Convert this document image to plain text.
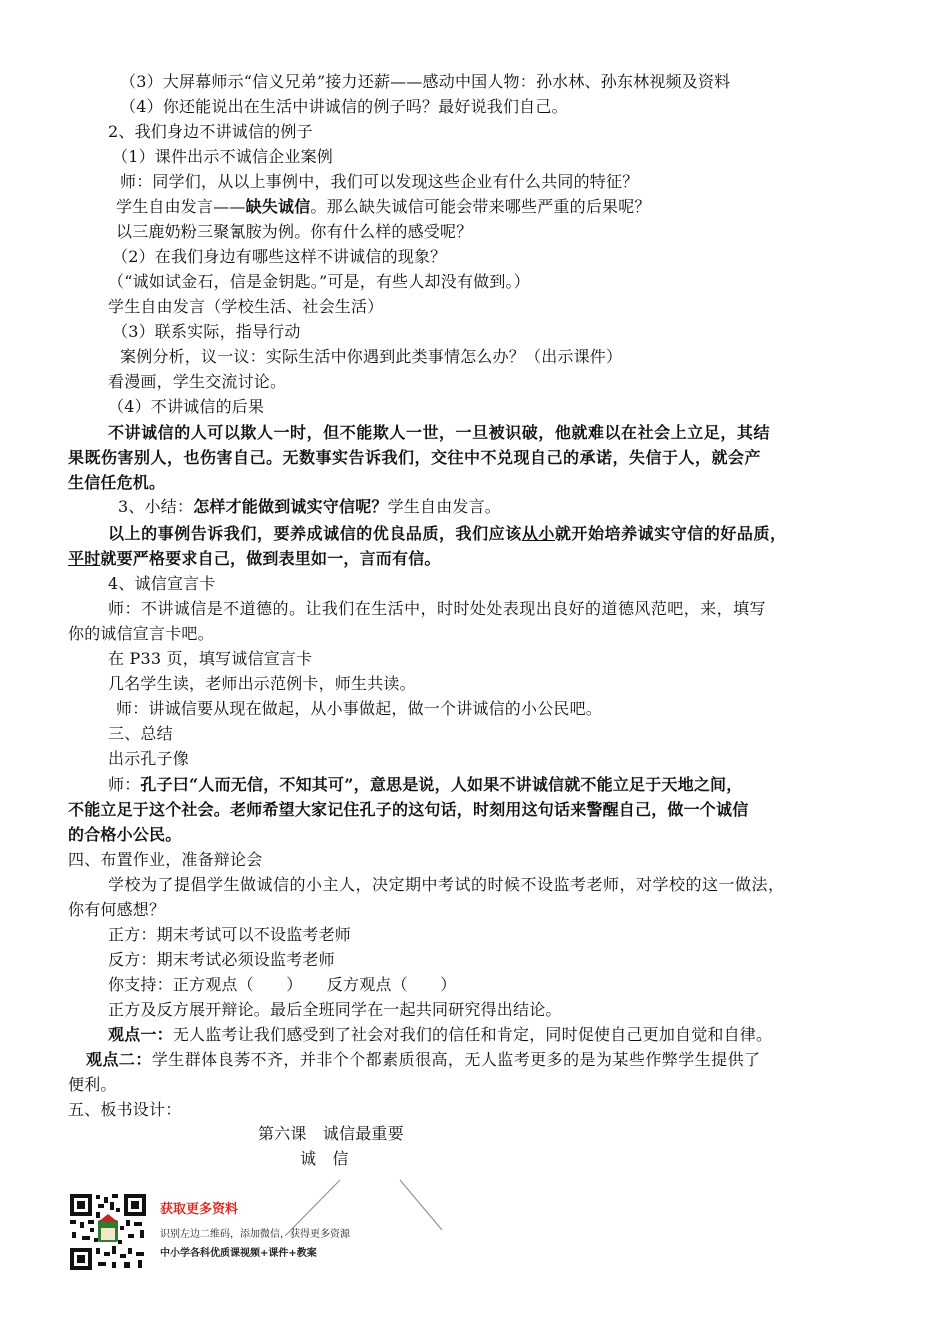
（3）大屏幕师示“信义兄弟”接力还薪——感动中国人物：孙水林、孙东林视频及资料
（4）你还能说出在生活中讲诚信的例子吗？最好说我们自己。
2、我们身边不讲诚信的例子
（1）课件出示不诚信企业案例
师：同学们，从以上事例中，我们可以发现这些企业有什么共同的特征？
学生自由发言——缺失诚信。那么缺失诚信可能会带来哪些严重的后果呢？
以三鹿奶粉三聚氰胺为例。你有什么样的感受呢？
（2）在我们身边有哪些这样不讲诚信的现象？
（“诚如试金石，信是金钥匙。”可是，有些人却没有做到。）
学生自由发言（学校生活、社会生活）
（3）联系实际，指导行动
案例分析，议一议：实际生活中你遇到此类事情怎么办？（出示课件）
看漫画，学生交流讨论。
（4）不讲诚信的后果
不讲诚信的人可以欺人一时，但不能欺人一世，一旦被识破，他就难以在社会上立足，其结
果既伤害别人，也伤害自己。无数事实告诉我们，交往中不兑现自己的承诺，失信于人，就会产
生信任危机。
3、小结：怎样才能做到诚实守信呢？学生自由发言。
以上的事例告诉我们，要养成诚信的优良品质，我们应该从小就开始培养诚实守信的好品质，
平时就要严格要求自己，做到表里如一，言而有信。
4、诚信宣言卡
师：不讲诚信是不道德的。让我们在生活中，时时处处表现出良好的道德风范吧，来，填写
你的诚信宣言卡吧。
在 P33 页，填写诚信宣言卡
几名学生读，老师出示范例卡，师生共读。
师：讲诚信要从现在做起，从小事做起，做一个讲诚信的小公民吧。
三、总结
出示孔子像
师：孔子曰“人而无信，不知其可”，意思是说，人如果不讲诚信就不能立足于天地之间，
不能立足于这个社会。老师希望大家记住孔子的这句话，时刻用这句话来警醒自己，做一个诚信
的合格小公民。
四、布置作业，准备辩论会
学校为了提倡学生做诚信的小主人，决定期中考试的时候不设监考老师，对学校的这一做法，
你有何感想？
正方：期末考试可以不设监考老师
反方：期末考试必须设监考老师
你支持：正方观点（　　）　　反方观点（　　）
正方及反方展开辩论。最后全班同学在一起共同研究得出结论。
观点一：无人监考让我们感受到了社会对我们的信任和肯定，同时促使自己更加自觉和自律。
观点二：学生群体良莠不齐，并非个个都素质很高，无人监考更多的是为某些作弊学生提供了
便利。
五、板书设计：
第六课　诚信最重要
诚　信
获取更多资料
识别左边二维码，添加微信，获得更多资源
中小学各科优质课视频+课件+教案
